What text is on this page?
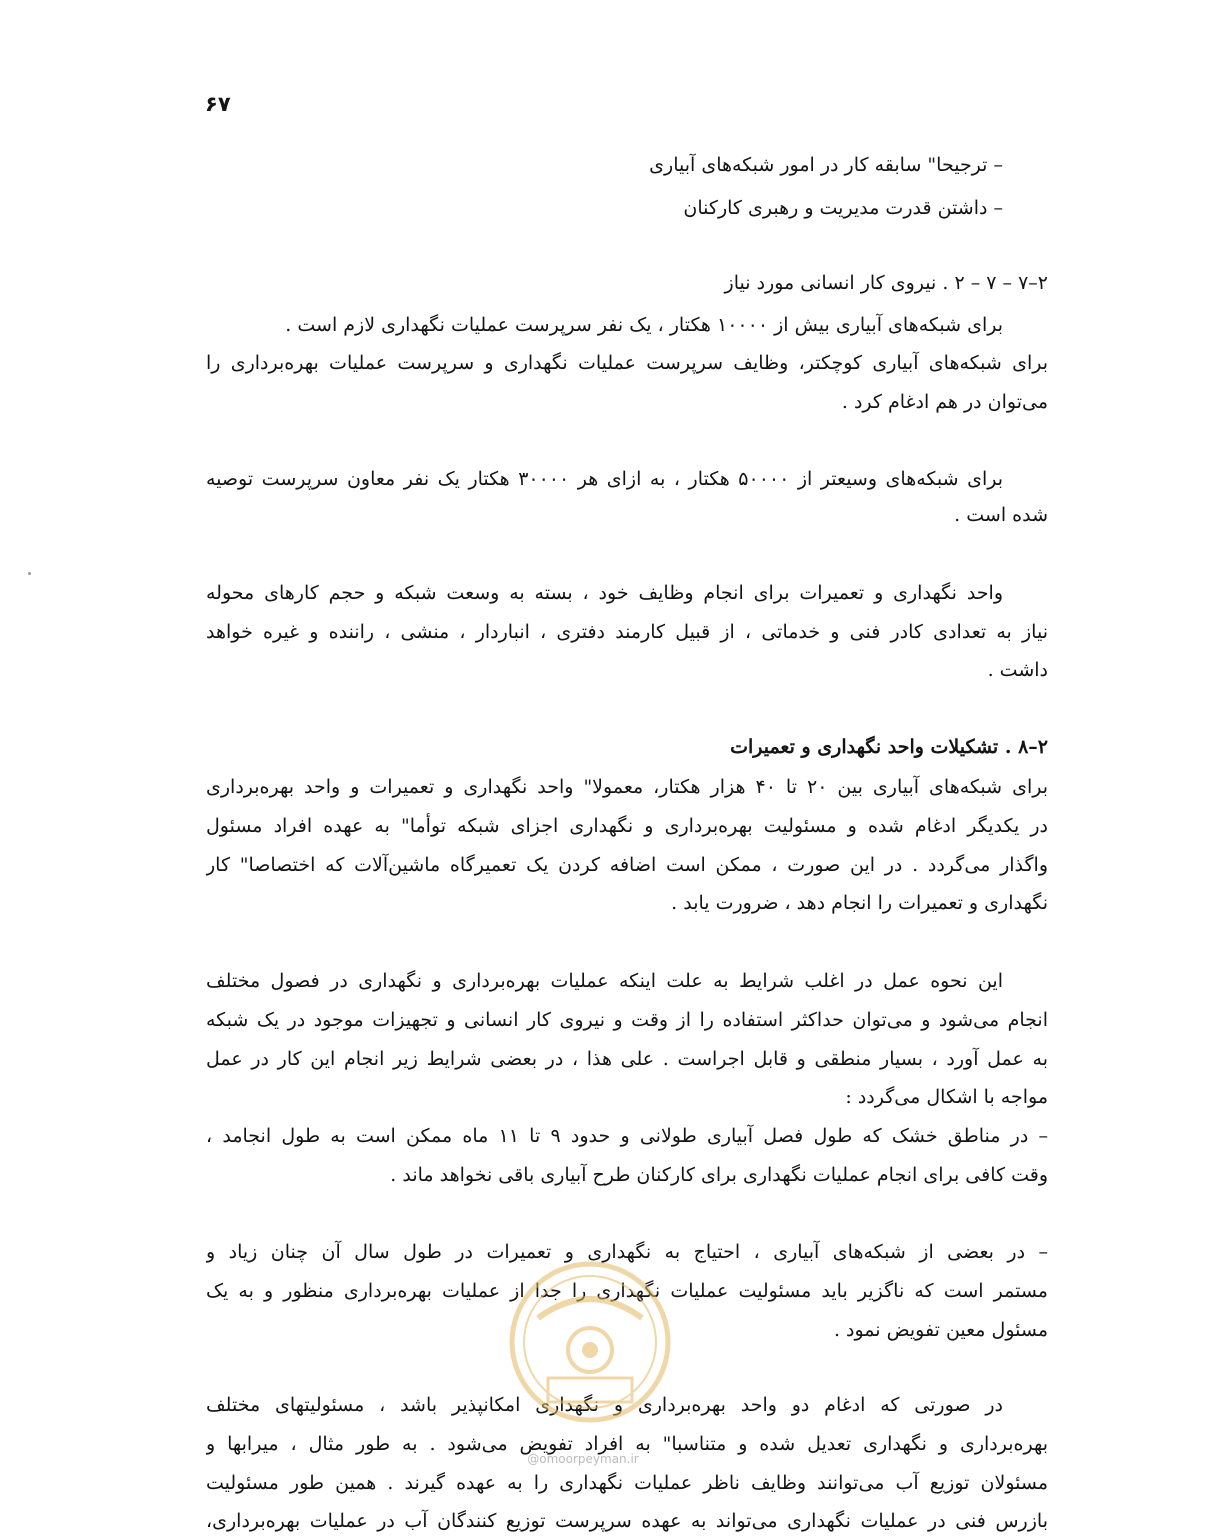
۶۷
– ترجیحا" سابقه کار در امور شبکه‌های آبیاری
– داشتن قدرت مدیریت و رهبری کارکنان
۲–۷ – ۷ – ۲ . نیروی کار انسانی مورد نیاز
برای شبکه‌های آبیاری بیش از ۱۰۰۰۰ هکتار ، یک نفر سرپرست عملیات نگهداری لازم است .
برای شبکه‌های آبیاری کوچکتر، وظایف سرپرست عملیات نگهداری و سرپرست عملیات بهره‌برداری را
می‌توان در هم ادغام کرد .
برای شبکه‌های وسیعتر از ۵۰۰۰۰ هکتار ، به ازای هر ۳۰۰۰۰ هکتار یک نفر معاون سرپرست توصیه
شده است .
واحد نگهداری و تعمیرات برای انجام وظایف خود ، بسته به وسعت شبکه و حجم کارهای محوله
نیاز به تعدادی کادر فنی و خدماتی ، از قبیل کارمند دفتری ، انباردار ، منشی ، راننده و غیره خواهد
داشت .
۲–۸ . تشکیلات واحد نگهداری و تعمیرات
برای شبکه‌های آبیاری بین ۲۰ تا ۴۰ هزار هکتار، معمولا" واحد نگهداری و تعمیرات و واحد بهره‌برداری
در یکدیگر ادغام شده و مسئولیت بهره‌برداری و نگهداری اجزای شبکه توأما" به عهده افراد مسئول
واگذار می‌گردد . در این صورت ، ممکن است اضافه کردن یک تعمیرگاه ماشین‌آلات که اختصاصا" کار
نگهداری و تعمیرات را انجام دهد ، ضرورت یابد .
این نحوه عمل در اغلب شرایط به علت اینکه عملیات بهره‌برداری و نگهداری در فصول مختلف
انجام می‌شود و می‌توان حداکثر استفاده را از وقت و نیروی کار انسانی و تجهیزات موجود در یک شبکه
به عمل آورد ، بسیار منطقی و قابل اجراست . علی هذا ، در بعضی شرایط زیر انجام این کار در عمل
مواجه با اشکال می‌گردد :
– در مناطق خشک که طول فصل آبیاری طولانی و حدود ۹ تا ۱۱ ماه ممکن است به طول انجامد ،
وقت کافی برای انجام عملیات نگهداری برای کارکنان طرح آبیاری باقی نخواهد ماند .
– در بعضی از شبکه‌های آبیاری ، احتیاج به نگهداری و تعمیرات در طول سال آن چنان زیاد و
مستمر است که ناگزیر باید مسئولیت عملیات نگهداری را جدا از عملیات بهره‌برداری منظور و به یک
مسئول معین تفویض نمود .
در صورتی که ادغام دو واحد بهره‌برداری و نگهداری امکانپذیر باشد ، مسئولیتهای مختلف
بهره‌برداری و نگهداری تعدیل شده و متناسبا" به افراد تفویض می‌شود . به طور مثال ، میرابها و
مسئولان توزیع آب می‌توانند وظایف ناظر عملیات نگهداری را به عهده گیرند . همین طور مسئولیت
بازرس فنی در عملیات نگهداری می‌تواند به عهده سرپرست توزیع کنندگان آب در عملیات بهره‌برداری،
@omoorpeyman.ir
